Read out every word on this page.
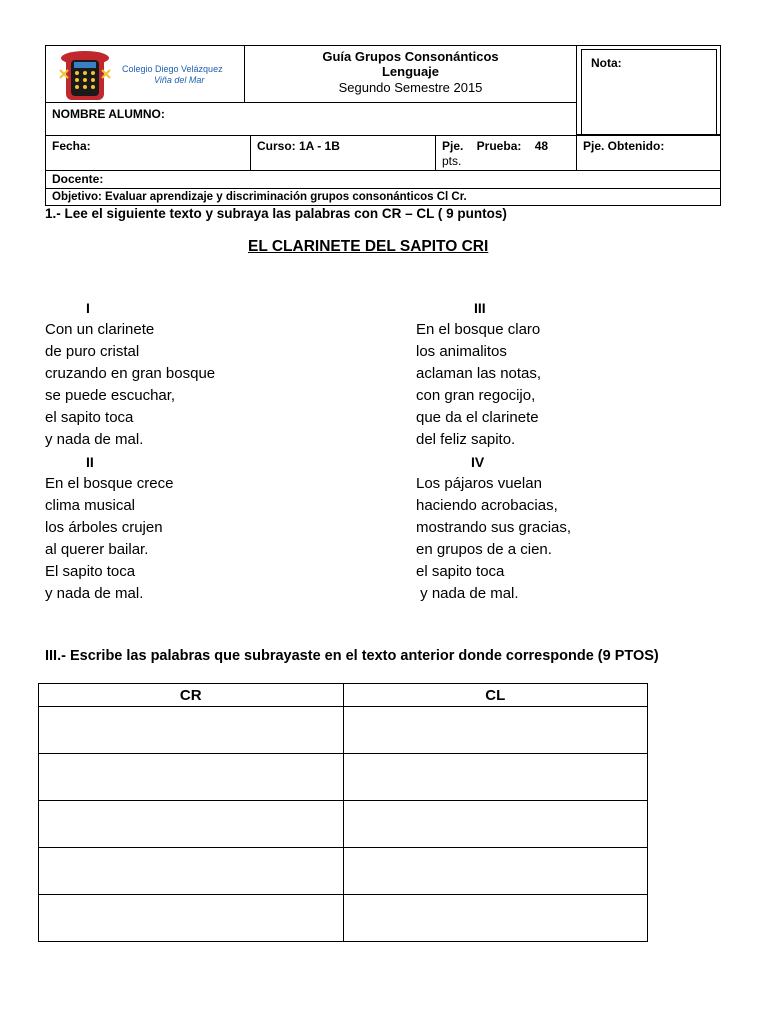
Colegio Diego Velázquez
Viña del Mar
Guía Grupos Consonánticos
Lenguaje
Segundo Semestre 2015
Nota:
NOMBRE ALUMNO:
Fecha:	Curso: 1A - 1B	Pje.    Prueba:    48
pts.
Pje. Obtenido:
Docente:
Objetivo: Evaluar aprendizaje y discriminación grupos consonánticos Cl Cr.
1.- Lee el siguiente texto y subraya las palabras con CR – CL ( 9 puntos)
EL CLARINETE DEL SAPITO CRI
I
Con un clarinete
de puro cristal
cruzando en gran bosque
se puede escuchar,
el sapito toca
y nada de mal.
II
En el bosque crece
clima musical
los árboles crujen
al querer bailar.
El sapito toca
y nada de mal.
III
En el bosque claro
los animalitos
aclaman las notas,
con gran regocijo,
que da el clarinete
del feliz sapito.
IV
Los pájaros vuelan
haciendo acrobacias,
mostrando sus gracias,
en grupos de a cien.
el sapito toca
y nada de mal.
III.- Escribe las palabras que subrayaste en el texto anterior donde corresponde (9 PTOS)
CR	CL
